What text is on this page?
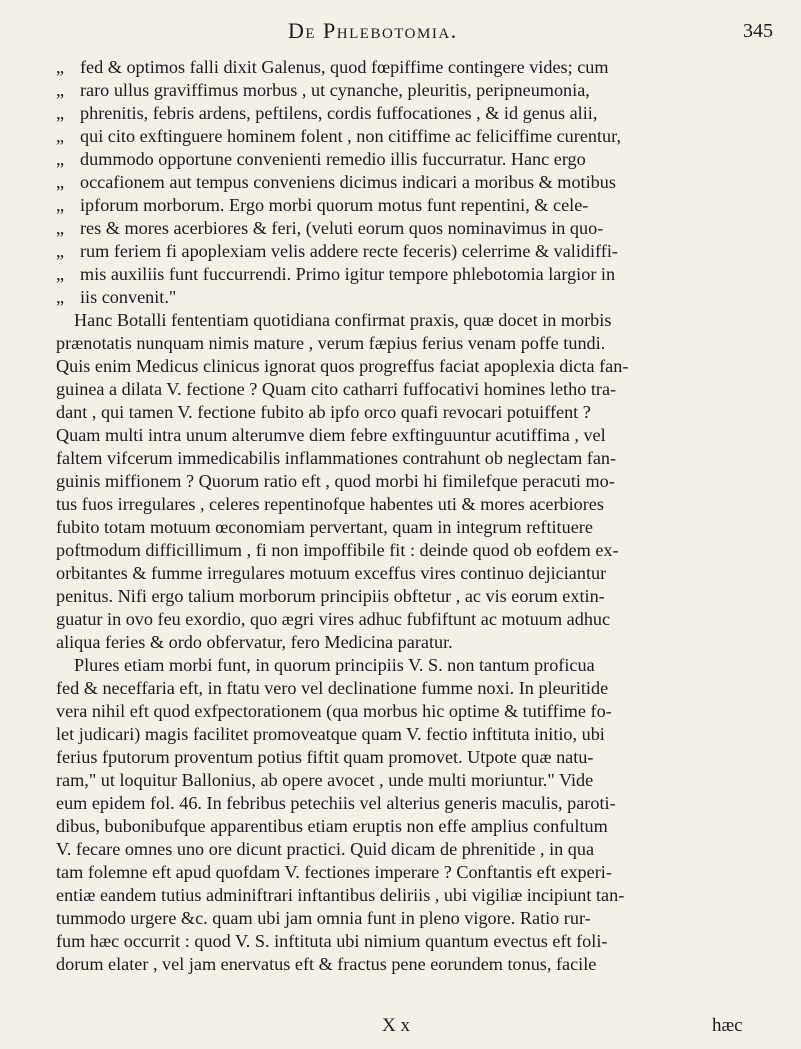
De Phlebotomia.	345
„ fed & optimos falli dixit Galenus, quod fœpiffime contingere vides; cum
„ raro ullus graviffimus morbus , ut cynanche, pleuritis, peripneumonia,
„ phrenitis, febris ardens, peftilens, cordis fuffocationes , & id genus alii,
„ qui cito exftinguere hominem folent , non citiffime ac feliciffime curentur,
„ dummodo opportune convenienti remedio illis fuccurratur. Hanc ergo
„ occafionem aut tempus conveniens dicimus indicari a moribus & motibus
„ ipforum morborum. Ergo morbi quorum motus funt repentini, & cele-
„ res & mores acerbiores & feri, (veluti eorum quos nominavimus in quo-
„ rum feriem fi apoplexiam velis addere recte feceris) celerrime & validiffi-
„ mis auxiliis funt fuccurrendi. Primo igitur tempore phlebotomia largior in
„ iis convenit."
Hanc Botalli fententiam quotidiana confirmat praxis, quæ docet in morbis
prænotatis nunquam nimis mature , verum fæpius ferius venam poffe tundi.
Quis enim Medicus clinicus ignorat quos progreffus faciat apoplexia dicta fan-
guinea a dilata V. fectione ? Quam cito catharri fuffocativi homines letho tra-
dant , qui tamen V. fectione fubito ab ipfo orco quafi revocari potuiffent ?
Quam multi intra unum alterumve diem febre exftinguuntur acutiffima , vel
faltem vifcerum immedicabilis inflammationes contrahunt ob neglectam fan-
guinis miffionem ? Quorum ratio eft , quod morbi hi fimilefque peracuti mo-
tus fuos irregulares , celeres repentinofque habentes uti & mores acerbiores
fubito totam motuum œconomiam pervertant, quam in integrum reftituere
poftmodum difficillimum , fi non impoffibile fit : deinde quod ob eofdem ex-
orbitantes & fumme irregulares motuum exceffus vires continuo dejiciantur
penitus. Nifi ergo talium morborum principiis obftetur , ac vis eorum extin-
guatur in ovo feu exordio, quo ægri vires adhuc fubfiftunt ac motuum adhuc
aliqua feries & ordo obfervatur, fero Medicina paratur.
Plures etiam morbi funt, in quorum principiis V. S. non tantum proficua
fed & neceffaria eft, in ftatu vero vel declinatione fumme noxi. In pleuritide
vera nihil eft quod exfpectorationem (qua morbus hic optime & tutiffime fo-
let judicari) magis facilitet promoveatque quam V. fectio inftituta initio, ubi
ferius fputorum proventum potius fiftit quam promovet. Utpote quæ natu-
ram," ut loquitur Ballonius, ab opere avocet , unde multi moriuntur." Vide
eum epidem fol. 46. In febribus petechiis vel alterius generis maculis, paroti-
dibus, bubonibufque apparentibus etiam eruptis non effe amplius confultum
V. fecare omnes uno ore dicunt practici. Quid dicam de phrenitide , in qua
tam folemne eft apud quofdam V. fectiones imperare ? Conftantis eft experi-
entiæ eandem tutius adminiftrari inftantibus deliriis , ubi vigiliæ incipiunt tan-
tummodo urgere &c. quam ubi jam omnia funt in pleno vigore. Ratio rur-
fum hæc occurrit : quod V. S. inftituta ubi nimium quantum evectus eft foli-
dorum elater , vel jam enervatus eft & fractus pene eorundem tonus, facile
X x	hæc
